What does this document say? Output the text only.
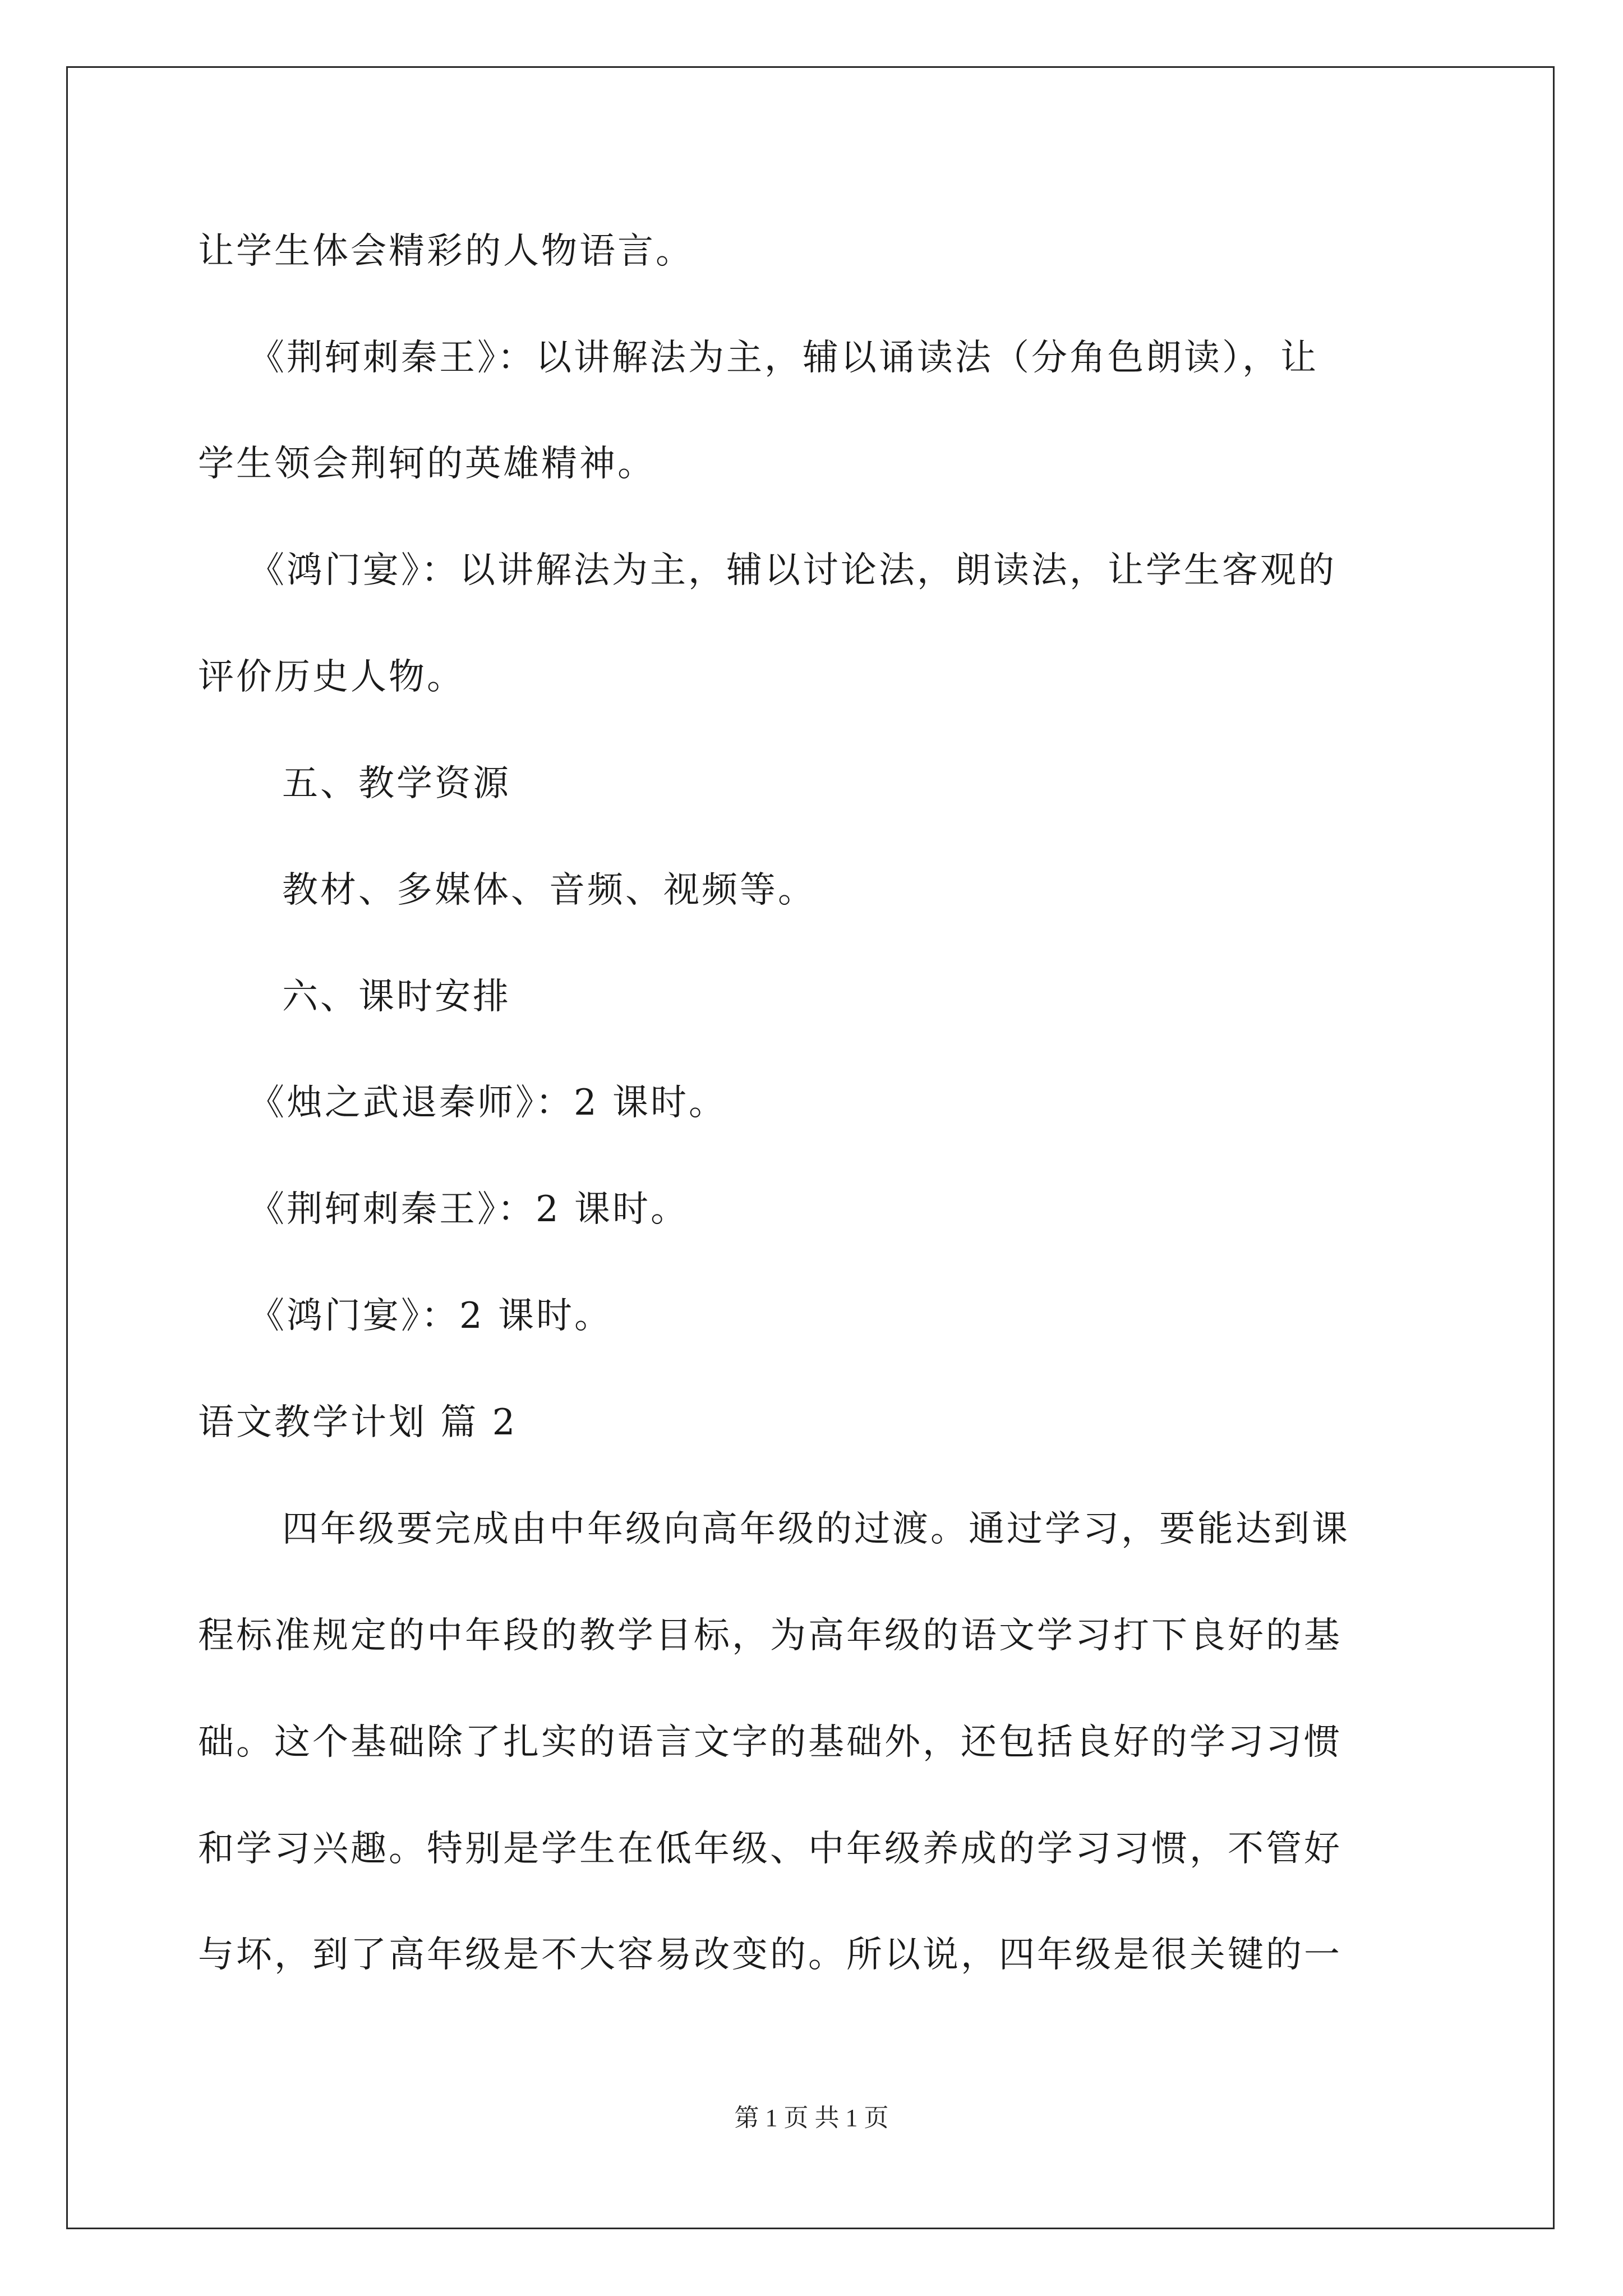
让学生体会精彩的人物语言。
《荆轲刺秦王》：以讲解法为主，辅以诵读法（分角色朗读），让
学生领会荆轲的英雄精神。
《鸿门宴》：以讲解法为主，辅以讨论法，朗读法，让学生客观的
评价历史人物。
五、教学资源
教材、多媒体、音频、视频等。
六、课时安排
《烛之武退秦师》：2 课时。
《荆轲刺秦王》：2 课时。
《鸿门宴》：2 课时。
语文教学计划 篇 2
四年级要完成由中年级向高年级的过渡。通过学习，要能达到课
程标准规定的中年段的教学目标，为高年级的语文学习打下良好的基
础。这个基础除了扎实的语言文字的基础外，还包括良好的学习习惯
和学习兴趣。特别是学生在低年级、中年级养成的学习习惯，不管好
与坏，到了高年级是不大容易改变的。所以说，四年级是很关键的一
第 1 页 共 1 页
